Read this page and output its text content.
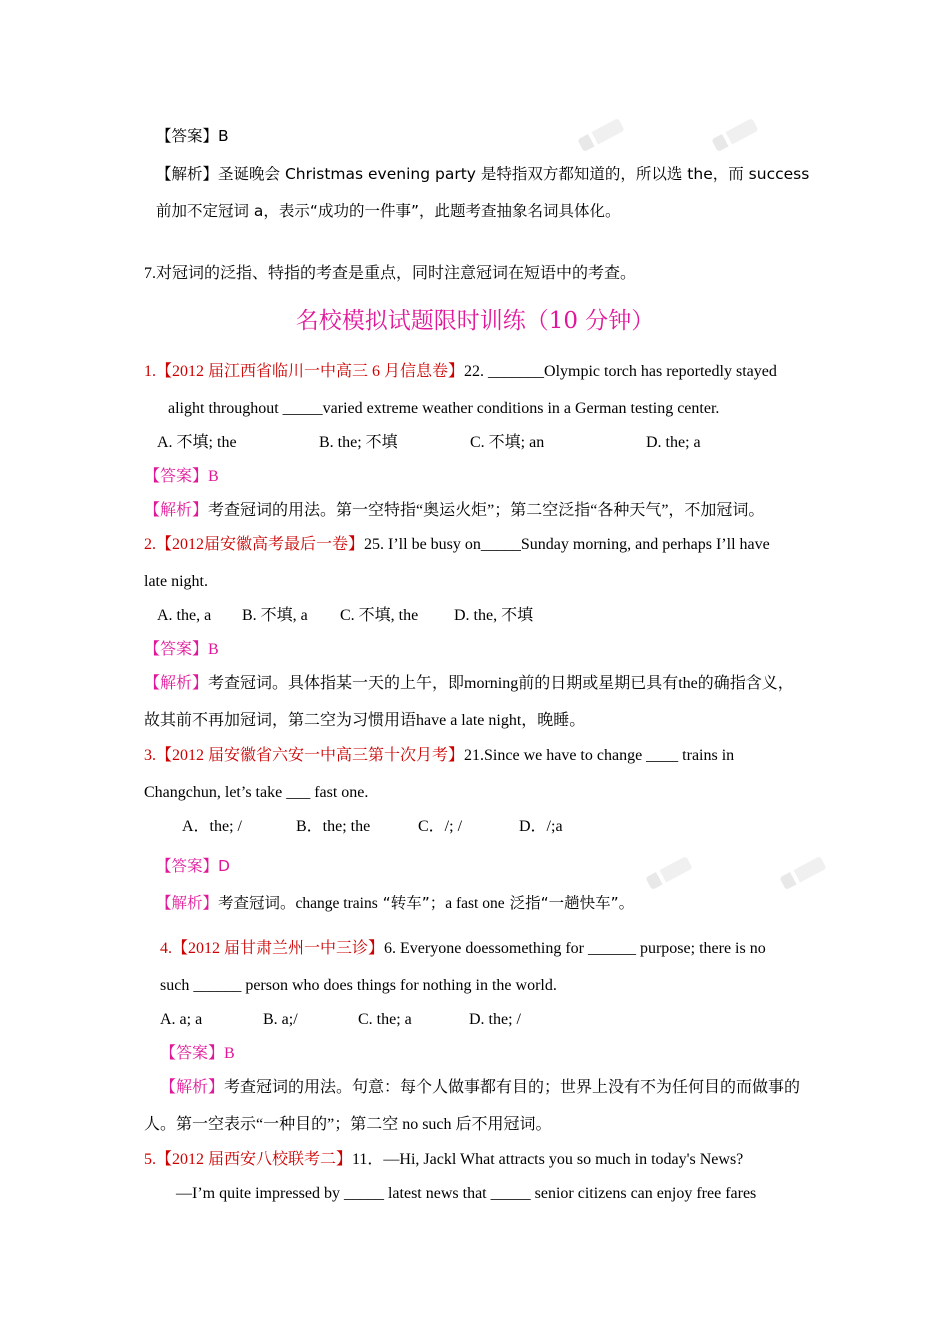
【答案】B
【解析】圣诞晚会 Christmas evening party 是特指双方都知道的，所以选 the，而 success
前加不定冠词 a，表示“成功的一件事”，此题考查抽象名词具体化。
7.对冠词的泛指、特指的考查是重点，同时注意冠词在短语中的考查。
名校模拟试题限时训练（10 分钟）
1.【2012 届江西省临川一中高三 6 月信息卷】22. _______Olympic torch has reportedly stayed
alight throughout _____varied extreme weather conditions in a German testing center.
A. 不填; the	B. the; 不填	C. 不填; an	D. the; a
【答案】B
【解析】考查冠词的用法。第一空特指“奥运火炬”；第二空泛指“各种天气”，不加冠词。
2.【2012届安徽高考最后一卷】25. I’ll be busy on_____Sunday morning, and perhaps I’ll have
late night.
A. the, a B. 不填, a C. 不填, the D. the, 不填
【答案】B
【解析】考查冠词。具体指某一天的上午，即morning前的日期或星期已具有the的确指含义，
故其前不再加冠词，第二空为习惯用语have a late night，晚睡。
3.【2012 届安徽省六安一中高三第十次月考】21.Since we have to change ____ trains in
Changchun, let’s take ___ fast one.
A．the; /	B．the; the	C．/; /	D．/;a
【答案】D
【解析】考查冠词。change trains “转车”；a fast one 泛指“一趟快车”。
4.【2012 届甘肃兰州一中三诊】6. Everyone doessomething for ______ purpose; there is no
such ______ person who does things for nothing in the world.
A. a; a	B. a;/	C. the; a	D. the; /
【答案】B
【解析】考查冠词的用法。句意：每个人做事都有目的；世界上没有不为任何目的而做事的
人。第一空表示“一种目的”；第二空 no such 后不用冠词。
5.【2012 届西安八校联考二】11．—Hi, Jackl What attracts you so much in today's News?
—I’m quite impressed by _____ latest news that _____ senior citizens can enjoy free fares
